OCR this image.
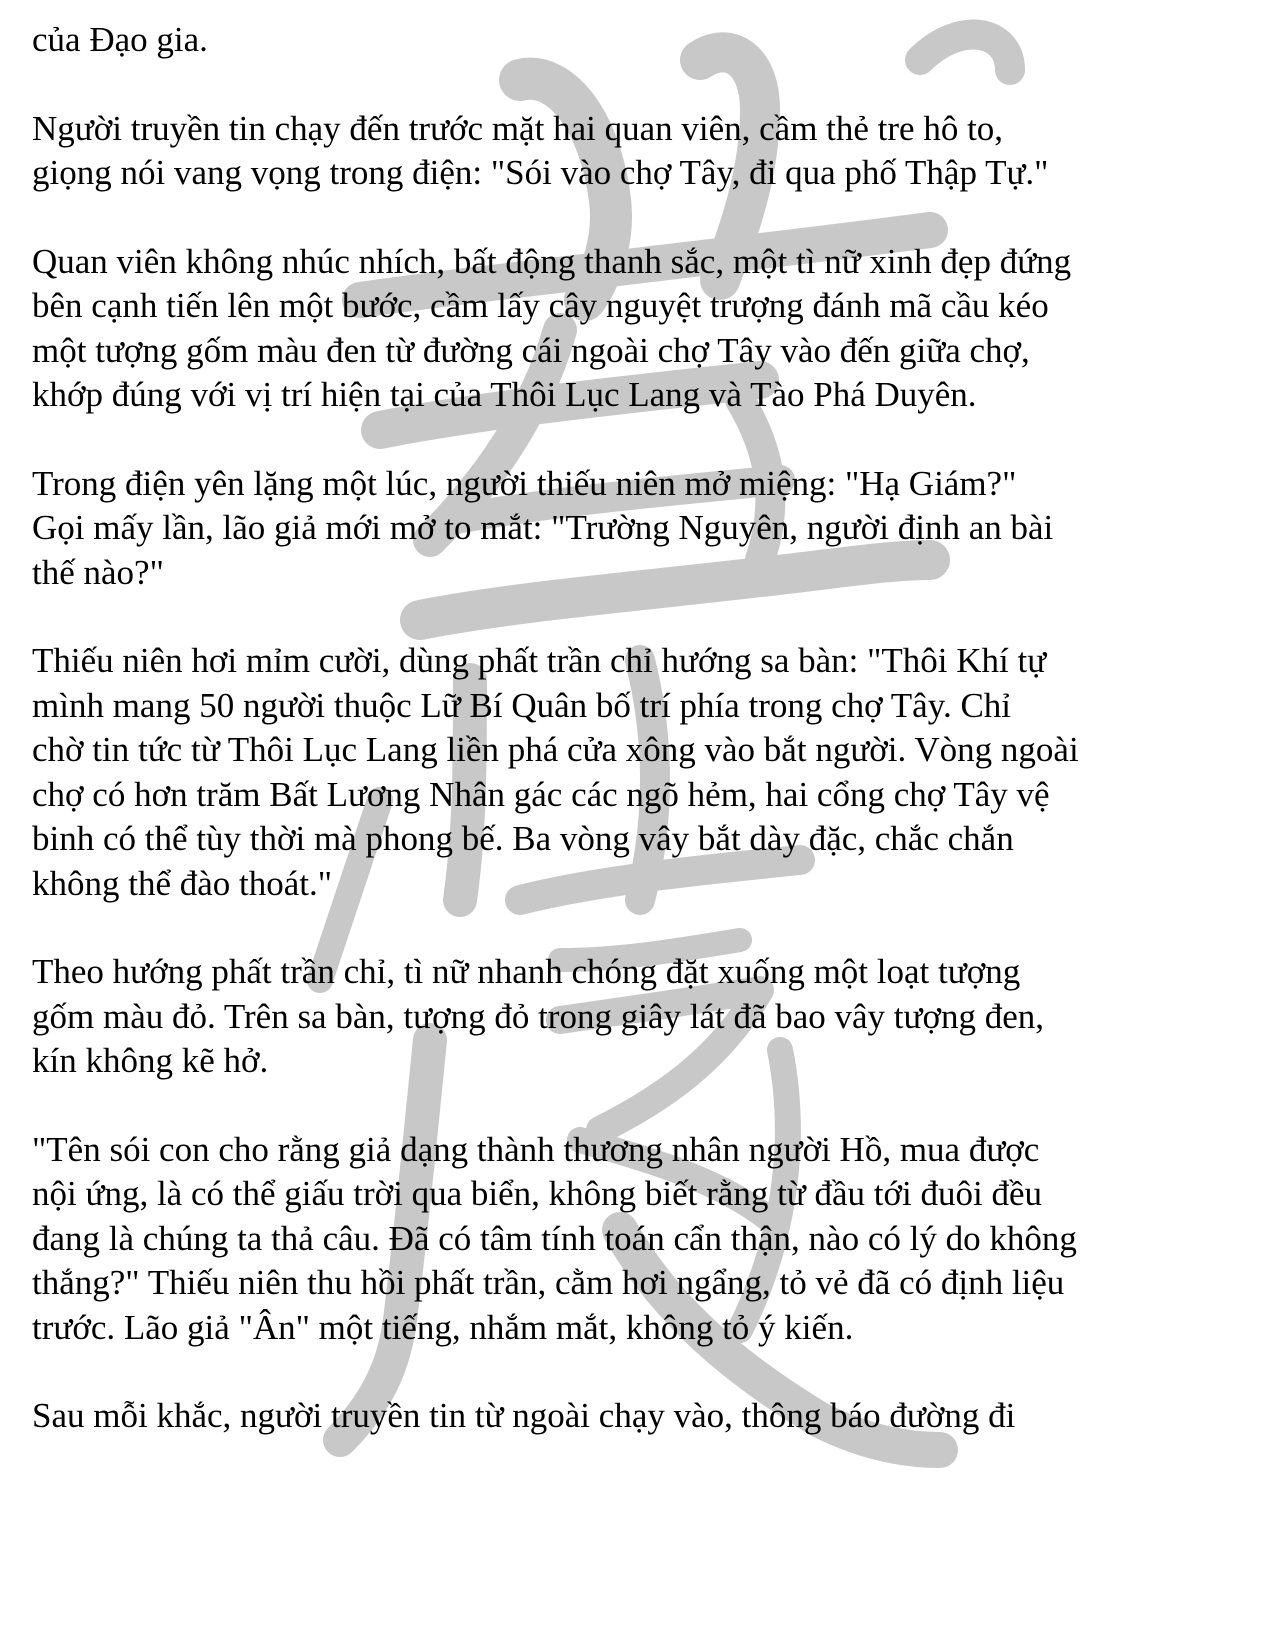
của Đạo gia.

Người truyền tin chạy đến trước mặt hai quan viên, cầm thẻ tre hô to,
giọng nói vang vọng trong điện: "Sói vào chợ Tây, đi qua phố Thập Tự."

Quan viên không nhúc nhích, bất động thanh sắc, một tì nữ xinh đẹp đứng
bên cạnh tiến lên một bước, cầm lấy cây nguyệt trượng đánh mã cầu kéo
một tượng gốm màu đen từ đường cái ngoài chợ Tây vào đến giữa chợ,
khớp đúng với vị trí hiện tại của Thôi Lục Lang và Tào Phá Duyên.

Trong điện yên lặng một lúc, người thiếu niên mở miệng: "Hạ Giám?"
Gọi mấy lần, lão giả mới mở to mắt: "Trường Nguyên, người định an bài
thế nào?"

Thiếu niên hơi mỉm cười, dùng phất trần chỉ hướng sa bàn: "Thôi Khí tự
mình mang 50 người thuộc Lữ Bí Quân bố trí phía trong chợ Tây. Chỉ
chờ tin tức từ Thôi Lục Lang liền phá cửa xông vào bắt người. Vòng ngoài
chợ có hơn trăm Bất Lương Nhân gác các ngõ hẻm, hai cổng chợ Tây vệ
binh có thể tùy thời mà phong bế. Ba vòng vây bắt dày đặc, chắc chắn
không thể đào thoát."

Theo hướng phất trần chỉ, tì nữ nhanh chóng đặt xuống một loạt tượng
gốm màu đỏ. Trên sa bàn, tượng đỏ trong giây lát đã bao vây tượng đen,
kín không kẽ hở.

"Tên sói con cho rằng giả dạng thành thương nhân người Hồ, mua được
nội ứng, là có thể giấu trời qua biển, không biết rằng từ đầu tới đuôi đều
đang là chúng ta thả câu. Đã có tâm tính toán cẩn thận, nào có lý do không
thắng?" Thiếu niên thu hồi phất trần, cằm hơi ngẩng, tỏ vẻ đã có định liệu
trước. Lão giả "Ân" một tiếng, nhắm mắt, không tỏ ý kiến.

Sau mỗi khắc, người truyền tin từ ngoài chạy vào, thông báo đường đi
